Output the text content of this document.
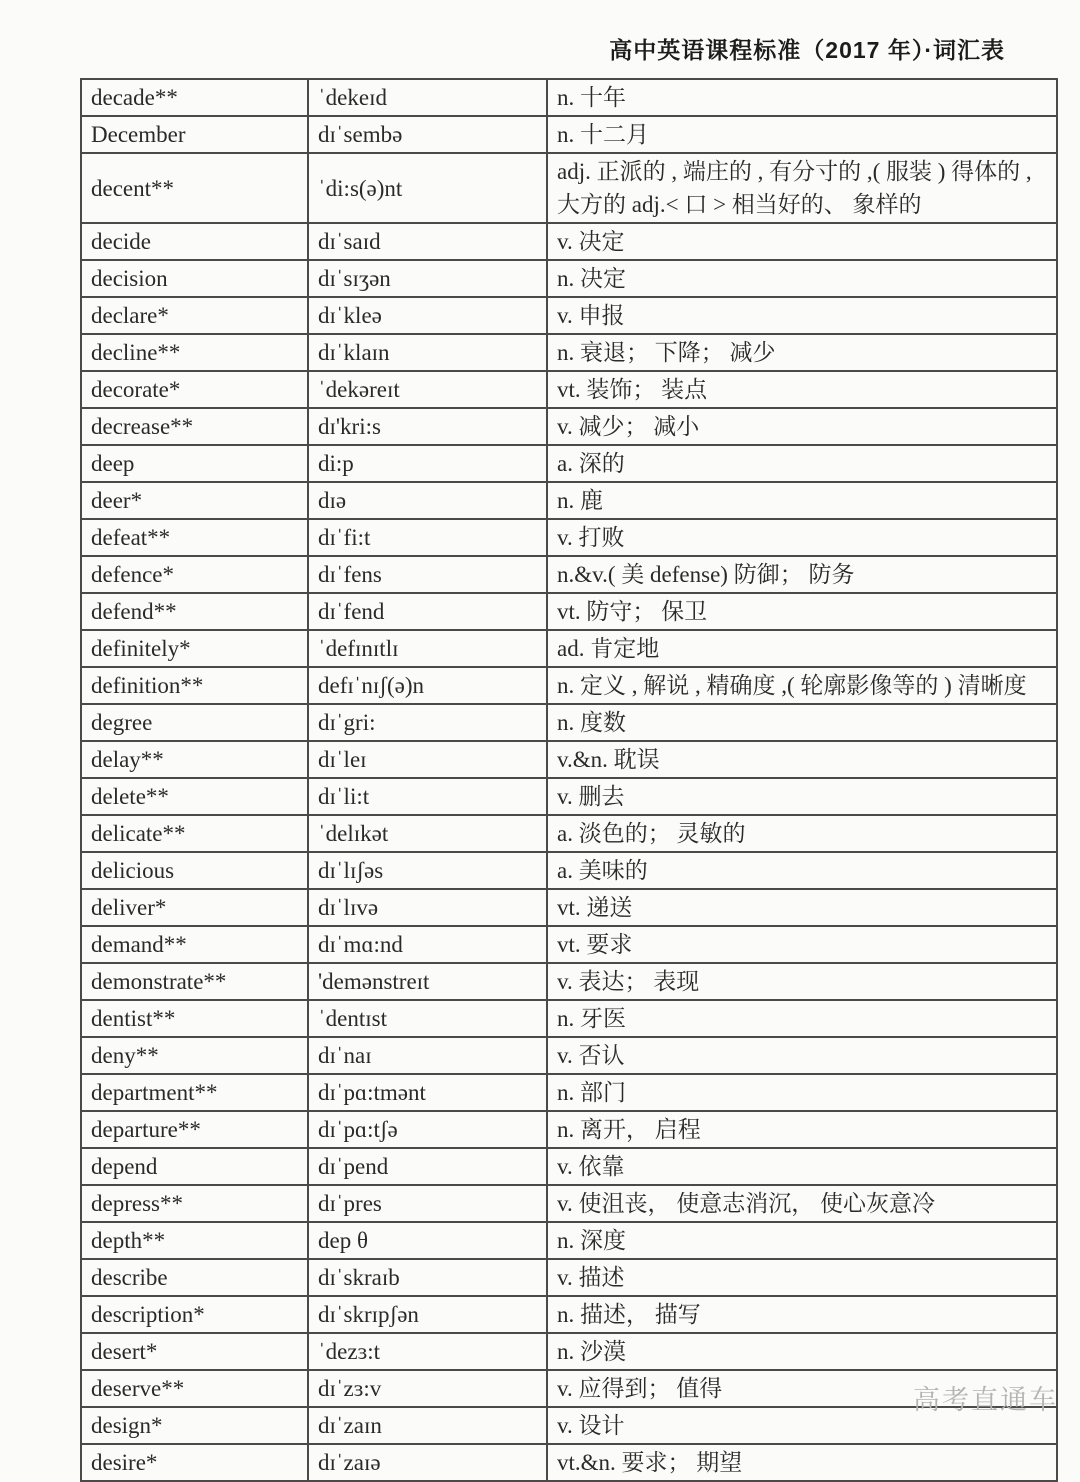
高中英语课程标准（2017 年）·词汇表
decade**	ˈdekeɪd	n. 十年
December	dɪˈsembə	n. 十二月
decent**	ˈdi:s(ə)nt	adj. 正派的 , 端庄的 , 有分寸的 ,( 服装 ) 得体的 , 大方的 adj.< 口 > 相当好的、 象样的
decide	dɪˈsaɪd	v. 决定
decision	dɪˈsɪʒən	n. 决定
declare*	dɪˈkleə	v. 申报
decline**	dɪˈklaɪn	n. 衰退； 下降； 减少
decorate*	ˈdekəreɪt	vt. 装饰； 装点
decrease**	dɪ'kri:s	v. 减少； 减小
deep	di:p	a. 深的
deer*	dɪə	n. 鹿
defeat**	dɪˈfi:t	v. 打败
defence*	dɪˈfens	n.&v.( 美 defense) 防御； 防务
defend**	dɪˈfend	vt. 防守； 保卫
definitely*	ˈdefɪnɪtlɪ	ad. 肯定地
definition**	defɪˈnɪʃ(ə)n	n. 定义 , 解说 , 精确度 ,( 轮廓影像等的 ) 清晰度
degree	dɪˈgri:	n. 度数
delay**	dɪˈleɪ	v.&n. 耽误
delete**	dɪˈli:t	v. 删去
delicate**	ˈdelɪkət	a. 淡色的； 灵敏的
delicious	dɪˈlɪʃəs	a. 美味的
deliver*	dɪˈlɪvə	vt. 递送
demand**	dɪˈmɑ:nd	vt. 要求
demonstrate**	'demənstreɪt	v. 表达； 表现
dentist**	ˈdentɪst	n. 牙医
deny**	dɪˈnaɪ	v. 否认
department**	dɪˈpɑ:tmənt	n. 部门
departure**	dɪˈpɑ:tʃə	n. 离开， 启程
depend	dɪˈpend	v. 依靠
depress**	dɪˈpres	v. 使沮丧， 使意志消沉， 使心灰意冷
depth**	dep θ	n. 深度
describe	dɪˈskraɪb	v. 描述
description*	dɪˈskrɪpʃən	n. 描述， 描写
desert*	ˈdezɜ:t	n. 沙漠
deserve**	dɪˈzɜ:v	v. 应得到； 值得
design*	dɪˈzaɪn	v. 设计
desire*	dɪˈzaɪə	vt.&n. 要求； 期望
高考直通车
